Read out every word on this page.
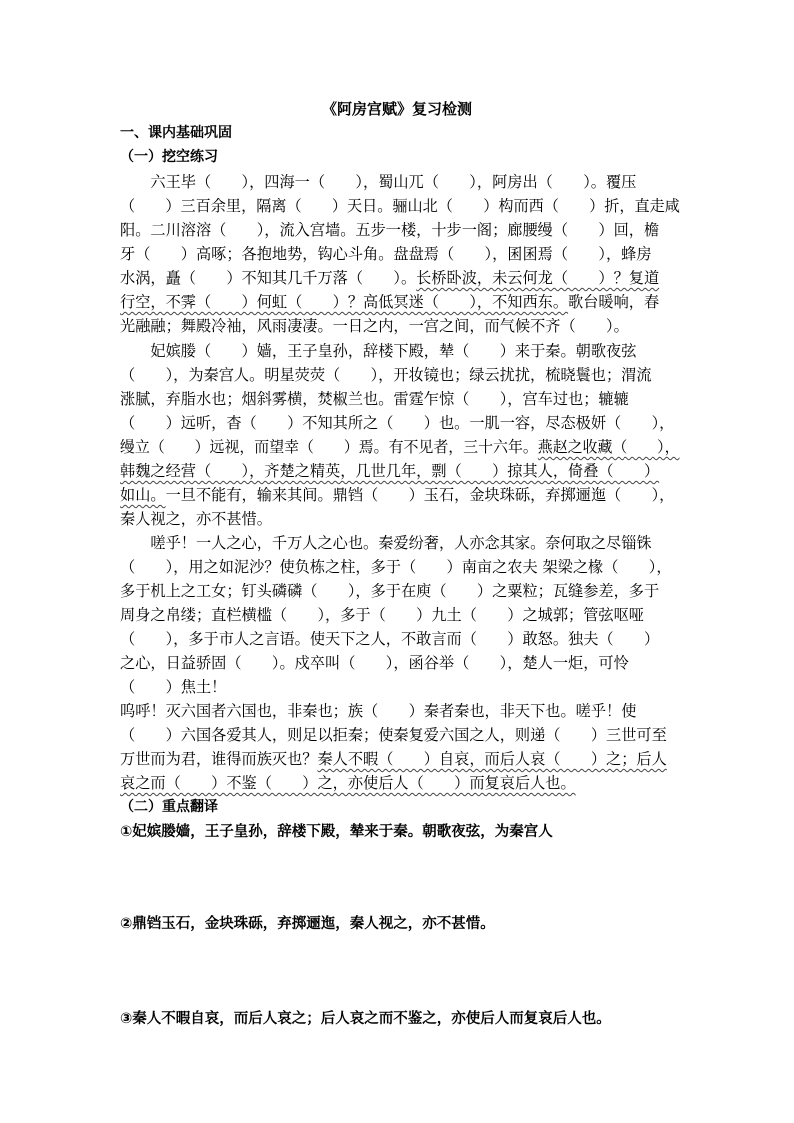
《阿房宫赋》复习检测
一、课内基础巩固
（一）挖空练习
　　六王毕（　　），四海一（　　），蜀山兀（　　），阿房出（　　）。覆压
（　　）三百余里，隔离（　　）天日。骊山北（　　）构而西（　　）折，直走咸
阳。二川溶溶（　　），流入宫墙。五步一楼，十步一阁；廊腰缦（　　）回，檐
牙（　　）高啄；各抱地势，钩心斗角。盘盘焉（　　），囷囷焉（　　），蜂房
水涡，矗（　　）不知其几千万落（　　）。长桥卧波，未云何龙（　　）？复道
行空，不霁（　　）何虹（　　）？高低冥迷（　　），不知西东。歌台暖响，春
光融融；舞殿冷袖，风雨凄凄。一日之内，一宫之间，而气候不齐（　　）。
　　妃嫔媵（　　）嫱，王子皇孙，辞楼下殿，辇（　　）来于秦。朝歌夜弦
（　　），为秦宫人。明星荧荧（　　），开妆镜也；绿云扰扰，梳晓鬟也；渭流
涨腻，弃脂水也；烟斜雾横，焚椒兰也。雷霆乍惊（　　），宫车过也；辘辘
（　　）远听，杳（　　）不知其所之（　　）也。一肌一容，尽态极妍（　　），
缦立（　　）远视，而望幸（　　）焉。有不见者，三十六年。燕赵之收藏（　　），
韩魏之经营（　　），齐楚之精英，几世几年，剽（　　）掠其人，倚叠（　　）
如山。一旦不能有，输来其间。鼎铛（　　）玉石，金块珠砾，弃掷逦迤（　　），
秦人视之，亦不甚惜。
　　嗟乎！一人之心，千万人之心也。秦爱纷奢，人亦念其家。奈何取之尽锱铢
（　　），用之如泥沙？使负栋之柱，多于（　　）南亩之农夫 架梁之椽（　　），
多于机上之工女；钉头磷磷（　　），多于在庾（　　）之粟粒；瓦缝参差，多于
周身之帛缕；直栏横槛（　　），多于（　　）九土（　　）之城郭；管弦呕哑
（　　），多于市人之言语。使天下之人，不敢言而（　　）敢怒。独夫（　　）
之心，日益骄固（　　）。戍卒叫（　　），函谷举（　　），楚人一炬，可怜
（　　）焦土！
呜呼！灭六国者六国也，非秦也；族（　　）秦者秦也，非天下也。嗟乎！使
（　　）六国各爱其人，则足以拒秦；使秦复爱六国之人，则递（　　）三世可至
万世而为君，谁得而族灭也？秦人不暇（　　）自哀，而后人哀（　　）之；后人
哀之而（　　）不鉴（　　）之，亦使后人（　　）而复哀后人也。
（二）重点翻译
①妃嫔媵嫱，王子皇孙，辞楼下殿，辇来于秦。朝歌夜弦，为秦宫人
②鼎铛玉石，金块珠砾，弃掷逦迤，秦人视之，亦不甚惜。
③秦人不暇自哀，而后人哀之；后人哀之而不鉴之，亦使后人而复哀后人也。
